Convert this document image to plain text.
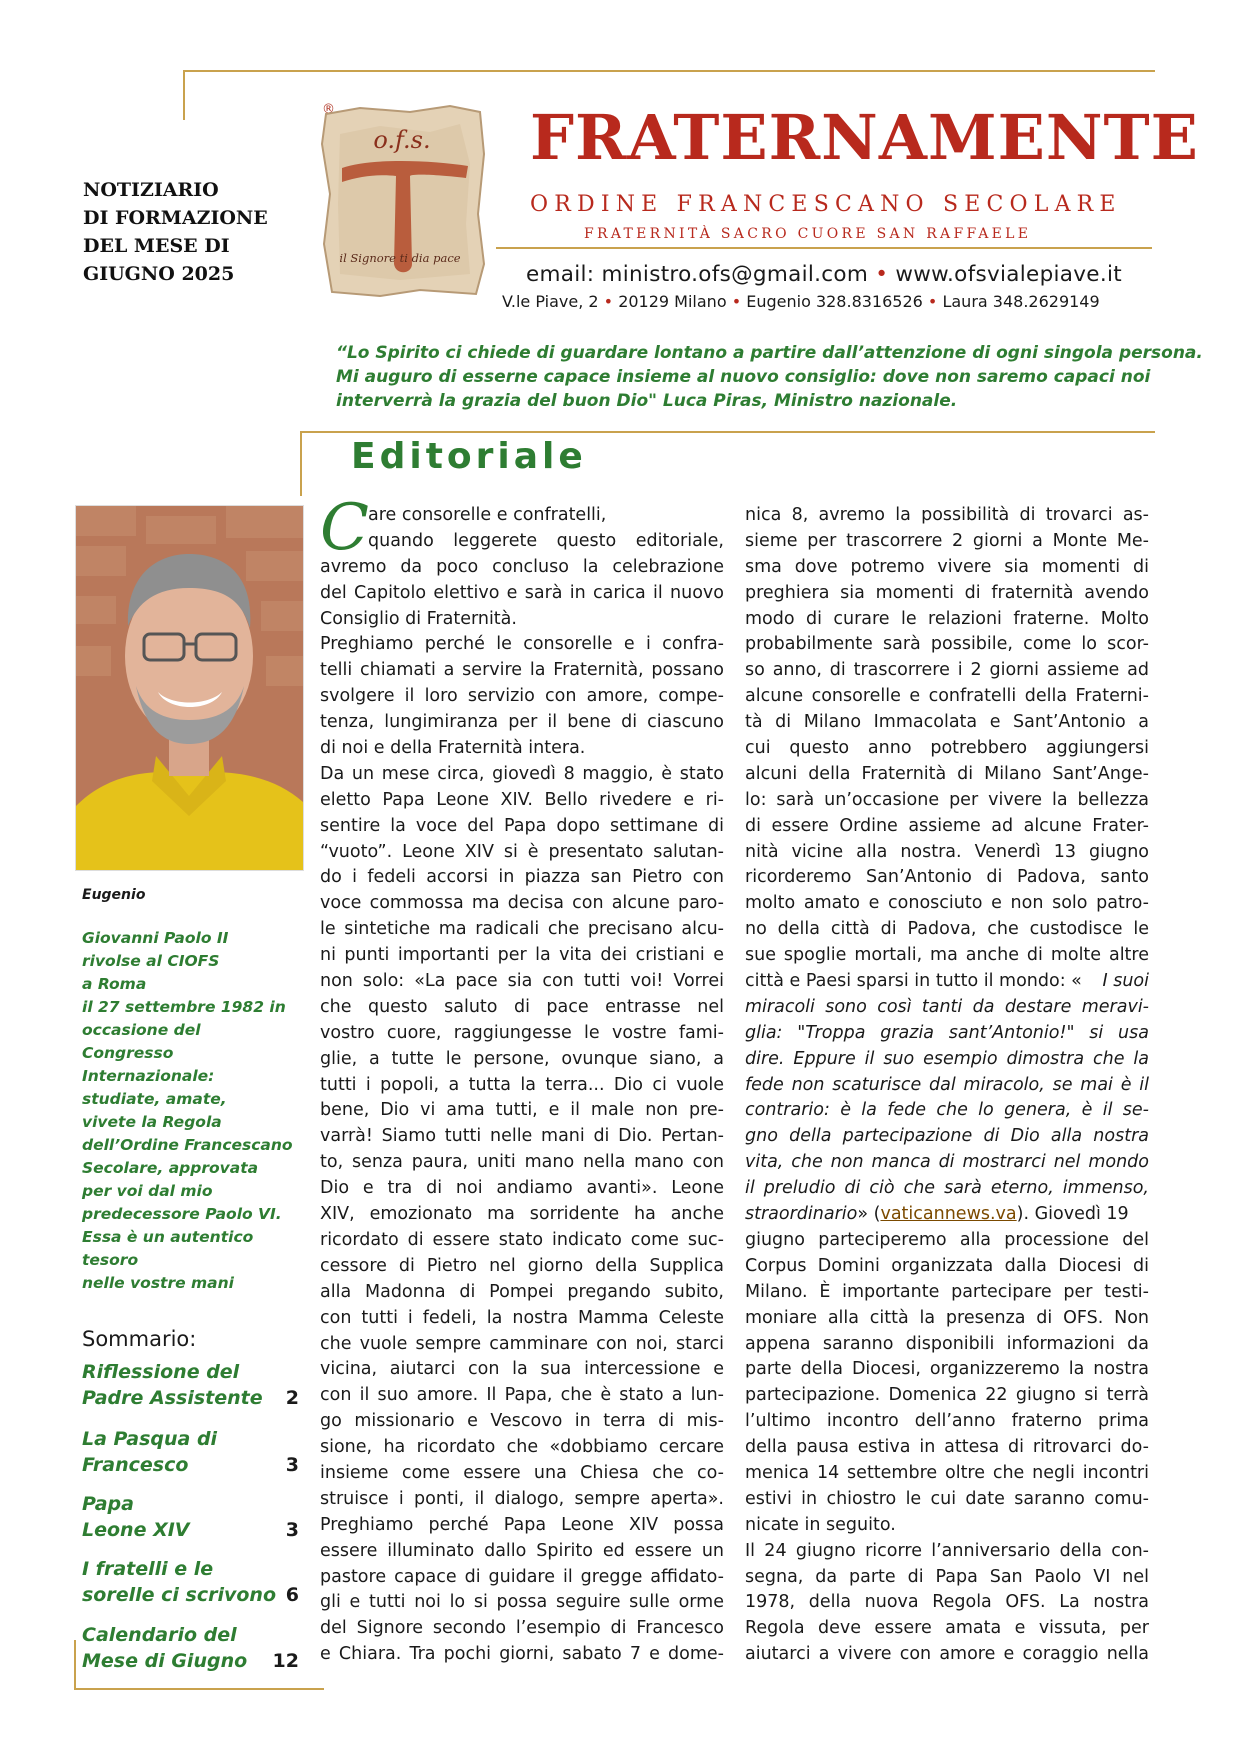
NOTIZIARIO
DI FORMAZIONE
DEL MESE DI
GIUGNO 2025
®
o.f.s.
il Signore ti dia pace
FRATERNAMENTE
ORDINE FRANCESCANO SECOLARE
FRATERNITÀ SACRO CUORE SAN RAFFAELE
email: ministro.ofs@gmail.com • www.ofsvialepiave.it
V.le Piave, 2 • 20129 Milano • Eugenio 328.8316526 • Laura 348.2629149
“Lo Spirito ci chiede di guardare lontano a partire dall’attenzione di ogni singola persona.
Mi auguro di esserne capace insieme al nuovo consiglio: dove non saremo capaci noi
interverrà la grazia del buon Dio" Luca Piras, Ministro nazionale.
Editoriale
Eugenio
Giovanni Paolo II
rivolse al CIOFS
a Roma
il 27 settembre 1982 in
occasione del
Congresso
Internazionale:
studiate, amate,
vivete la Regola
dell’Ordine Francescano
Secolare, approvata
per voi dal mio
predecessore Paolo VI.
Essa è un autentico
tesoro
nelle vostre mani
Sommario:
Riflessione del
Padre Assistente	2
La Pasqua di
Francesco	3
Papa
Leone XIV	3
I fratelli e le
sorelle ci scrivono 6
Calendario del
Mese di Giugno	12
C are consorelle e confratelli,
quando leggerete questo editoriale,
avremo da poco concluso la celebrazione
del Capitolo elettivo e sarà in carica il nuovo
Consiglio di Fraternità.
Preghiamo perché le consorelle e i confra-
telli chiamati a servire la Fraternità, possano
svolgere il loro servizio con amore, compe-
tenza, lungimiranza per il bene di ciascuno
di noi e della Fraternità intera.
Da un mese circa, giovedì 8 maggio, è stato
eletto Papa Leone XIV. Bello rivedere e ri-
sentire la voce del Papa dopo settimane di
“vuoto”. Leone XIV si è presentato salutan-
do i fedeli accorsi in piazza san Pietro con
voce commossa ma decisa con alcune paro-
le sintetiche ma radicali che precisano alcu-
ni punti importanti per la vita dei cristiani e
non solo: «La pace sia con tutti voi! Vorrei
che questo saluto di pace entrasse nel
vostro cuore, raggiungesse le vostre fami-
glie, a tutte le persone, ovunque siano, a
tutti i popoli, a tutta la terra... Dio ci vuole
bene, Dio vi ama tutti, e il male non pre-
varrà! Siamo tutti nelle mani di Dio. Pertan-
to, senza paura, uniti mano nella mano con
Dio e tra di noi andiamo avanti». Leone
XIV, emozionato ma sorridente ha anche
ricordato di essere stato indicato come suc-
cessore di Pietro nel giorno della Supplica
alla Madonna di Pompei pregando subito,
con tutti i fedeli, la nostra Mamma Celeste
che vuole sempre camminare con noi, starci
vicina, aiutarci con la sua intercessione e
con il suo amore. Il Papa, che è stato a lun-
go missionario e Vescovo in terra di mis-
sione, ha ricordato che «dobbiamo cercare
insieme come essere una Chiesa che co-
struisce i ponti, il dialogo, sempre aperta».
Preghiamo perché Papa Leone XIV possa
essere illuminato dallo Spirito ed essere un
pastore capace di guidare il gregge affidato-
gli e tutti noi lo si possa seguire sulle orme
del Signore secondo l’esempio di Francesco
e Chiara. Tra pochi giorni, sabato 7 e dome-
nica 8, avremo la possibilità di trovarci as-
sieme per trascorrere 2 giorni a Monte Me-
sma dove potremo vivere sia momenti di
preghiera sia momenti di fraternità avendo
modo di curare le relazioni fraterne. Molto
probabilmente sarà possibile, come lo scor-
so anno, di trascorrere i 2 giorni assieme ad
alcune consorelle e confratelli della Fraterni-
tà di Milano Immacolata e Sant’Antonio a
cui questo anno potrebbero aggiungersi
alcuni della Fraternità di Milano Sant’Ange-
lo: sarà un’occasione per vivere la bellezza
di essere Ordine assieme ad alcune Frater-
nità vicine alla nostra. Venerdì 13 giugno
ricorderemo San’Antonio di Padova, santo
molto amato e conosciuto e non solo patro-
no della città di Padova, che custodisce le
sue spoglie mortali, ma anche di molte altre
città e Paesi sparsi in tutto il mondo: « I suoi
miracoli sono così tanti da destare meravi-
glia: "Troppa grazia sant’Antonio!" si usa
dire. Eppure il suo esempio dimostra che la
fede non scaturisce dal miracolo, se mai è il
contrario: è la fede che lo genera, è il se-
gno della partecipazione di Dio alla nostra
vita, che non manca di mostrarci nel mondo
il preludio di ciò che sarà eterno, immenso,
straordinario» (vaticannews.va). Giovedì 19
giugno parteciperemo alla processione del
Corpus Domini organizzata dalla Diocesi di
Milano. È importante partecipare per testi-
moniare alla città la presenza di OFS. Non
appena saranno disponibili informazioni da
parte della Diocesi, organizzeremo la nostra
partecipazione. Domenica 22 giugno si terrà
l’ultimo incontro dell’anno fraterno prima
della pausa estiva in attesa di ritrovarci do-
menica 14 settembre oltre che negli incontri
estivi in chiostro le cui date saranno comu-
nicate in seguito.
Il 24 giugno ricorre l’anniversario della con-
segna, da parte di Papa San Paolo VI nel
1978, della nuova Regola OFS. La nostra
Regola deve essere amata e vissuta, per
aiutarci a vivere con amore e coraggio nella
